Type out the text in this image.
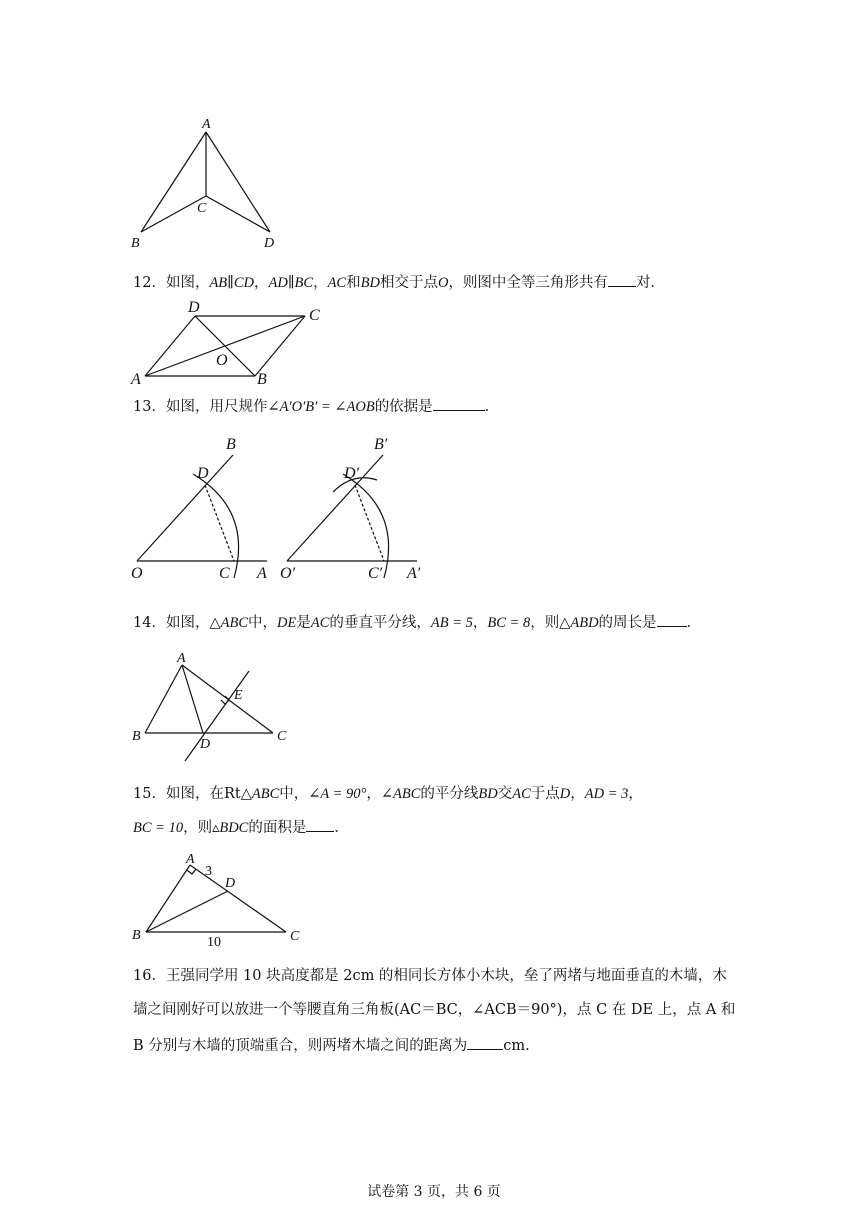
A
B
C
D
12．如图，AB∥CD，AD∥BC，AC和BD相交于点O，则图中全等三角形共有 对．
D	C
O
A	B
13．如图，用尺规作∠A′O′B′ = ∠AOB的依据是	．
B
D
O	C A
B′
D′
O′	C′ A′
14．如图，△ABC中，DE是AC的垂直平分线，AB = 5，BC = 8，则△ABD的周长是 ．
A
E
B
D
C
15．如图，在Rt△ABC中，∠A = 90°，∠ABC的平分线BD交AC于点D，AD = 3，
BC = 10，则▵BDC的面积是 ．
A
3
D
B	10	C
16．王强同学用 10 块高度都是 2cm 的相同长方体小木块，垒了两堵与地面垂直的木墙，木
墙之间刚好可以放进一个等腰直角三角板(AC＝BC，∠ACB＝90°)，点 C 在 DE 上，点 A 和
B 分别与木墙的顶端重合，则两堵木墙之间的距离为 cm.
试卷第 3 页，共 6 页
